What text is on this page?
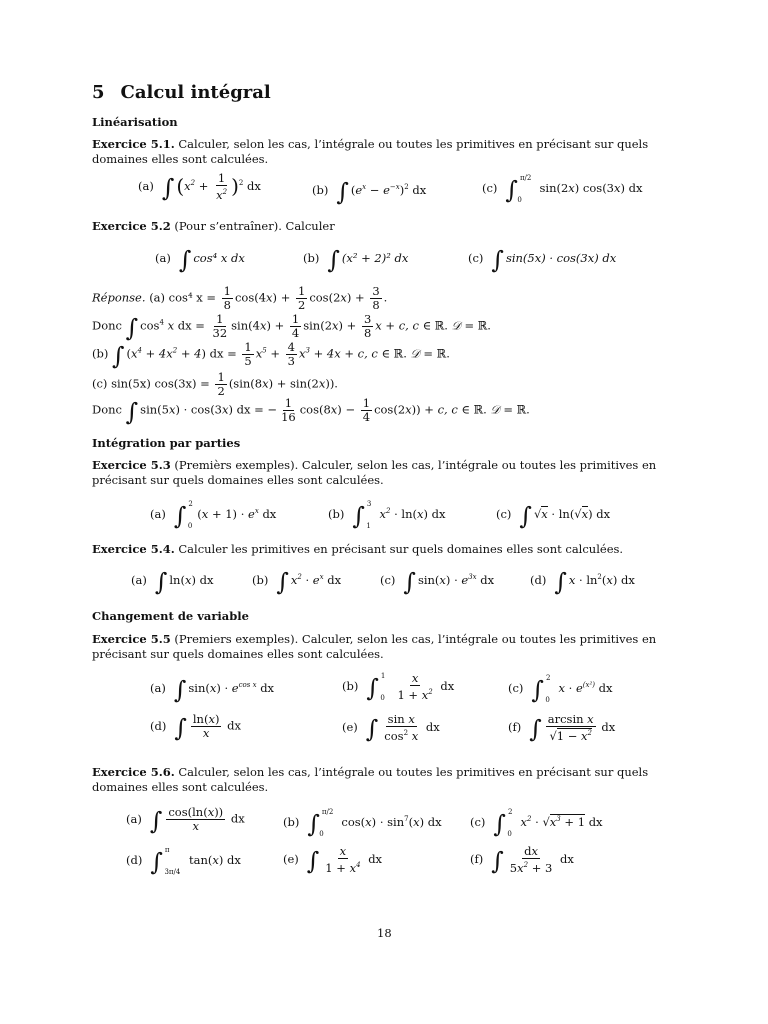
5 Calcul intégral
Linéarisation
Exercice 5.1. Calculer, selon les cas, l’intégrale ou toutes les primitives en précisant sur quels domaines elles sont calculées.
(a) ∫ $(x^2 + \frac{1}{x^2} )^2$ dx	(b) ∫ $(e^x - e^{-x})^2$ dx	(c) ∫ $^{\pi/2}_0$ sin(2x) cos(3x) dx
Exercice 5.2 (Pour s’entraîner). Calculer
(a) ∫ cos⁴ x dx	(b) ∫ (x² + 2)² dx	(c) ∫ sin(5x) · cos(3x) dx
Réponse. (a) cos⁴ $x = \frac{1}{8} \cos(4x) + \frac{1}{2} \cos(2x) + \frac{3}{8}$ .
Donc ∫ $\cos^4 x$ dx = $\frac{1}{32} \sin(4x) + \frac{1}{4} \sin(2x) + \frac{3}{8}$ x + c, c ∈ ℝ. 𝒟 = ℝ.
(b) ∫ $(x^4 + 4x^2 + 4)$ dx = $\frac{1}{5} x^5 + \frac{4}{3} x^3 + 4x + c$, c ∈ ℝ. 𝒟 = ℝ.
(c) sin(5x) $\cos(3x) = \frac{1}{2} (\sin(8x) + \sin(2x))$.
Donc ∫ sin(5x) · cos(3x) dx = − $\frac{1}{16} \cos(8x) - \frac{1}{4} \cos(2x)) + c$, c ∈ ℝ. 𝒟 = ℝ.
Intégration par parties
Exercice 5.3 (Premièrs exemples). Calculer, selon les cas, l’intégrale ou toutes les primitives en précisant sur quels domaines elles sont calculées.
(a) ∫ $^2_0(x + 1) \cdot e^x$ dx	(b) ∫ $^3_1$ $x^2 \cdot \ln(x)$ dx	(c) ∫ √x · ln(√x) dx
Exercice 5.4. Calculer les primitives en précisant sur quels domaines elles sont calculées.
(a) ∫ ln(x) dx	(b) ∫ $x^2 \cdot e^x$ dx	(c) ∫ $\sin(x) \cdot e^{3x}$ dx	(d) ∫ $x \cdot \ln^2(x)$ dx
Changement de variable
Exercice 5.5 (Premiers exemples). Calculer, selon les cas, l’intégrale ou toutes les primitives en précisant sur quels domaines elles sont calculées.
(a) ∫ $\sin(x) \cdot e^{cos x}$ dx	(b) ∫ $^1_0 \frac{x}{1 + x^2}$ dx	(c) ∫ $^2_0$ $x \cdot e^{(x^2)}$ dx
(d) ∫ $\frac{\ln(x)}{x}$ dx	(e) ∫ $\frac{\text{sin x}}{\cos^2 x}$ dx	(f) ∫ $\frac{\text{arcsin x}}{√1 - x^2}$ dx
Exercice 5.6. Calculer, selon les cas, l’intégrale ou toutes les primitives en précisant sur quels domaines elles sont calculées.
(a) ∫ $\frac{\cos(\ln(x))}{x}$ dx	(b) ∫ $^{\pi/2}_0$ $\cos(x) \cdot \sin^7(x)$ dx (c) ∫ $^2_0$ $x^2 \cdot √x^3 + 1$ dx
(d) ∫ $^\pi_{3\pi/4}$ tan(x) dx	(e) ∫ $\frac{x}{1 + x^4}$ dx	(f) ∫ $\frac{dx}{5x^2 + 3}$ dx
18
